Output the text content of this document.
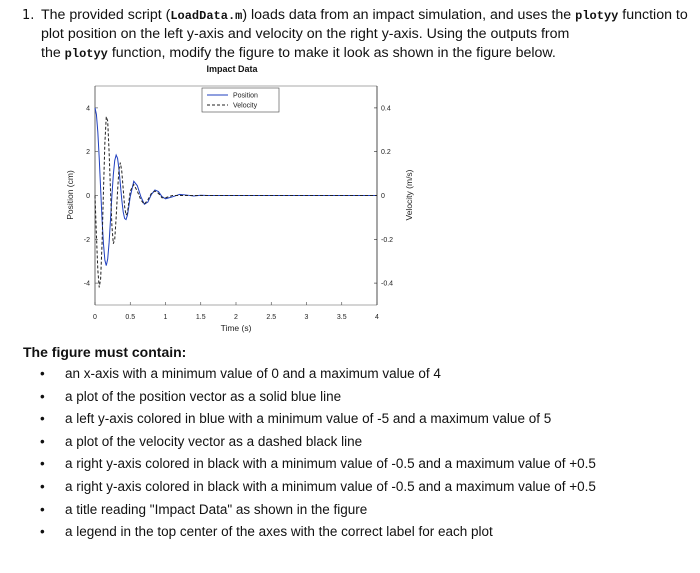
1. The provided script (LoadData.m) loads data from an impact simulation, and uses the plotyy function to
plot position on the left y-axis and velocity on the right y-axis. Using the outputs from
the plotyy function, modify the figure to make it look as shown in the figure below.
Impact Data
0	0.5	1	1.5	2	2.5	3	3.5	4
4
2
0
-2
-4
0.4
0.2
0
-0.2
-0.4
Time (s)
Position (cm)	Velocity (m/s)
Position
Velocity
The figure must contain:
• an x-axis with a minimum value of 0 and a maximum value of 4
• a plot of the position vector as a solid blue line
• a left y-axis colored in blue with a minimum value of -5 and a maximum value of 5
• a plot of the velocity vector as a dashed black line
• a right y-axis colored in black with a minimum value of -0.5 and a maximum value of +0.5
• a right y-axis colored in black with a minimum value of -0.5 and a maximum value of +0.5
• a title reading "Impact Data" as shown in the figure
• a legend in the top center of the axes with the correct label for each plot
